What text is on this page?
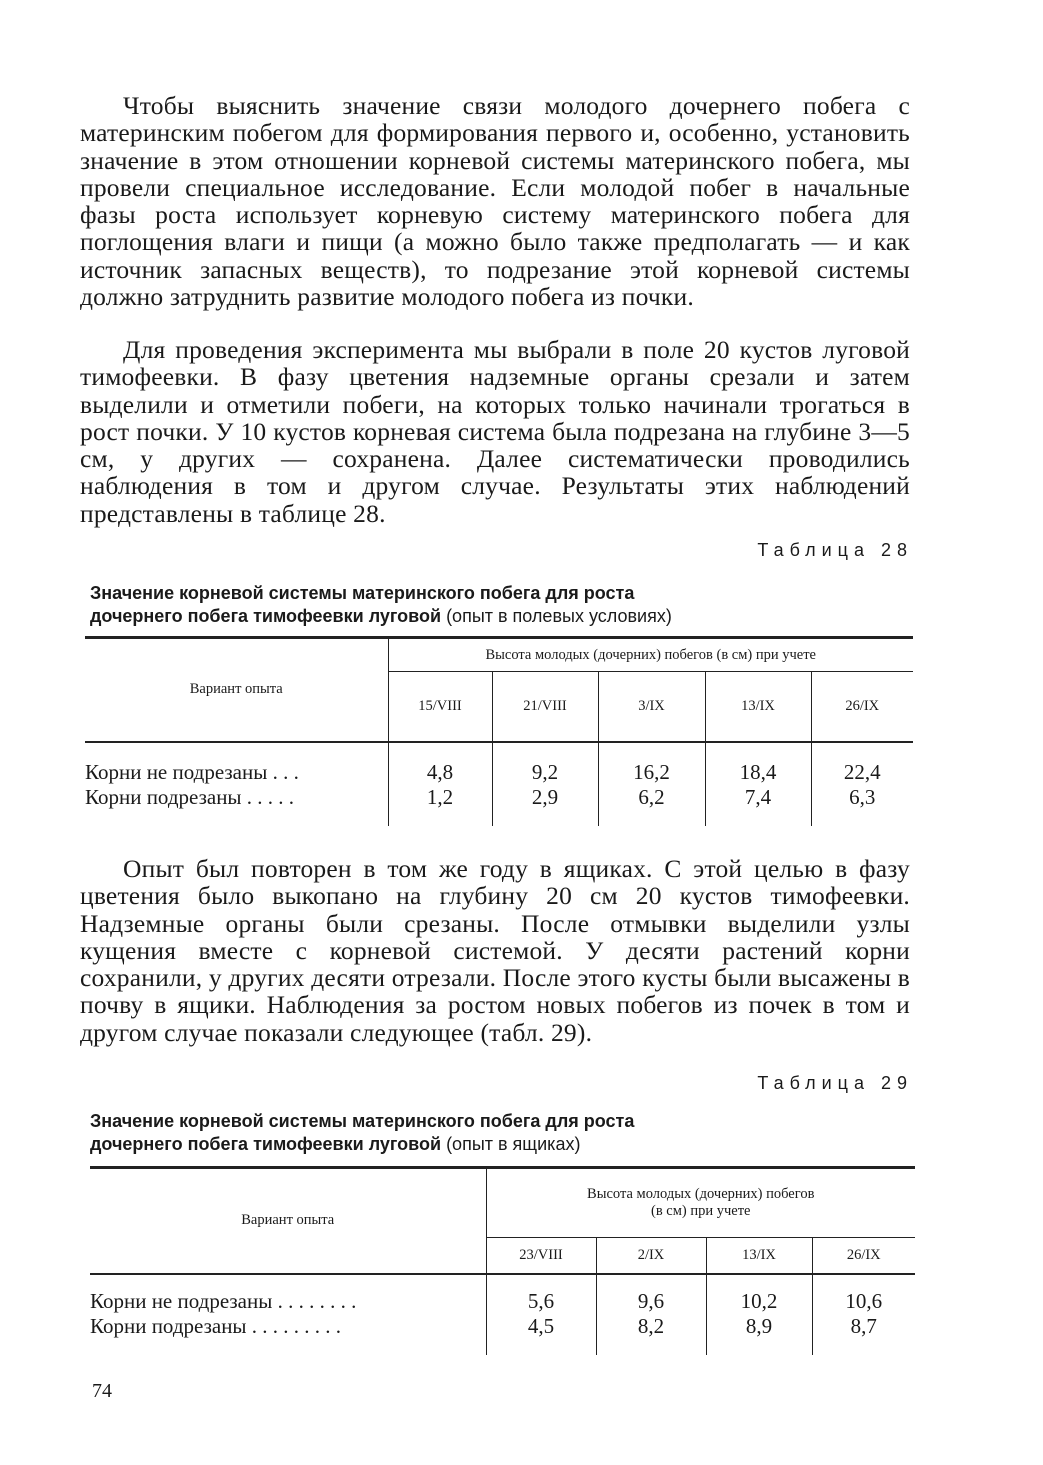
Чтобы выяснить значение связи молодого дочернего побега с материнским побегом для формирования первого и, особенно, установить значение в этом отношении корневой системы материнского побега, мы провели специальное исследование. Если молодой побег в начальные фазы роста использует корневую систему материнского побега для поглощения влаги и пищи (а можно было также предполагать — и как источник запасных веществ), то подрезание этой корневой системы должно затруднить развитие молодого побега из почки.

Для проведения эксперимента мы выбрали в поле 20 кустов луговой тимофеевки. В фазу цветения надземные органы срезали и затем выделили и отметили побеги, на которых только начинали трогаться в рост почки. У 10 кустов корневая система была подрезана на глубине 3—5 см, у других — сохранена. Далее систематически проводились наблюдения в том и другом случае. Результаты этих наблюдений представлены в таблице 28.

Таблица 28

Значение корневой системы материнского побега для роста
дочернего побега тимофеевки луговой (опыт в полевых условиях)

Вариант опыта	Высота молодых (дочерних) побегов (в см) при учете				
	15/VIII	21/VIII	3/IX	13/IX	26/IX

Корни не подрезаны . . .	4,8	9,2	16,2	18,4	22,4
Корни подрезаны . . . . .	1,2	2,9	6,2	7,4	6,3

Опыт был повторен в том же году в ящиках. С этой целью в фазу цветения было выкопано на глубину 20 см 20 кустов тимофеевки. Надземные органы были срезаны. После отмывки выделили узлы кущения вместе с корневой системой. У десяти растений корни сохранили, у других десяти отрезали. После этого кусты были высажены в почву в ящики. Наблюдения за ростом новых побегов из почек в том и другом случае показали следующее (табл. 29).

Таблица 29

Значение корневой системы материнского побега для роста
дочернего побега тимофеевки луговой (опыт в ящиках)

Вариант опыта	Высота молодых (дочерних) побегов
(в см) при учете			
	23/VIII	2/IX	13/IX	26/IX

Корни не подрезаны . . . . . . . .	5,6	9,6	10,2	10,6
Корни подрезаны . . . . . . . . .	4,5	8,2	8,9	8,7

74
